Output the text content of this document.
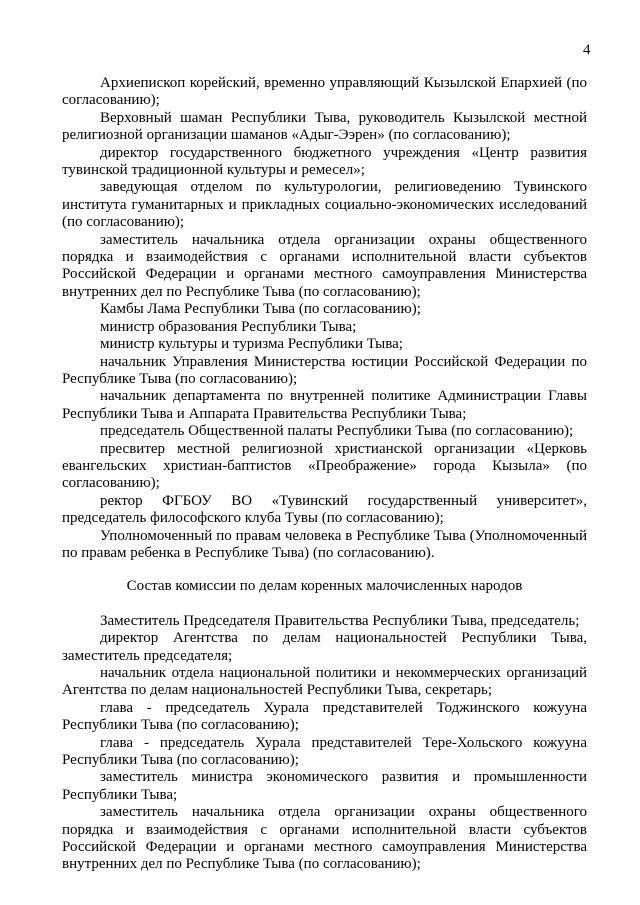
4

Архиепископ корейский, временно управляющий Кызылской Епархией (по согласованию);

Верховный шаман Республики Тыва, руководитель Кызылской местной религиозной организации шаманов «Адыг-Ээрен» (по согласованию);

директор государственного бюджетного учреждения «Центр развития тувинской традиционной культуры и ремесел»;

заведующая отделом по культурологии, религиоведению Тувинского института гуманитарных и прикладных социально-экономических исследований (по согласованию);

заместитель начальника отдела организации охраны общественного порядка и взаимодействия с органами исполнительной власти субъектов Российской Федерации и органами местного самоуправления Министерства внутренних дел по Республике Тыва (по согласованию);

Камбы Лама Республики Тыва (по согласованию);

министр образования Республики Тыва;

министр культуры и туризма Республики Тыва;

начальник Управления Министерства юстиции Российской Федерации по Республике Тыва (по согласованию);

начальник департамента по внутренней политике Администрации Главы Республики Тыва и Аппарата Правительства Республики Тыва;

председатель Общественной палаты Республики Тыва (по согласованию);

пресвитер местной религиозной христианской организации «Церковь евангельских христиан-баптистов «Преображение» города Кызыла» (по согласованию);

ректор ФГБОУ ВО «Тувинский государственный университет», председатель философского клуба Тувы (по согласованию);

Уполномоченный по правам человека в Республике Тыва (Уполномоченный по правам ребенка в Республике Тыва) (по согласованию).

Состав комиссии по делам коренных малочисленных народов

Заместитель Председателя Правительства Республики Тыва, председатель;

директор Агентства по делам национальностей Республики Тыва, заместитель председателя;

начальник отдела национальной политики и некоммерческих организаций Агентства по делам национальностей Республики Тыва, секретарь;

глава - председатель Хурала представителей Тоджинского кожууна Республики Тыва (по согласованию);

глава - председатель Хурала представителей Тере-Хольского кожууна Республики Тыва (по согласованию);

заместитель министра экономического развития и промышленности Республики Тыва;

заместитель начальника отдела организации охраны общественного порядка и взаимодействия с органами исполнительной власти субъектов Российской Федерации и органами местного самоуправления Министерства внутренних дел по Республике Тыва (по согласованию);
